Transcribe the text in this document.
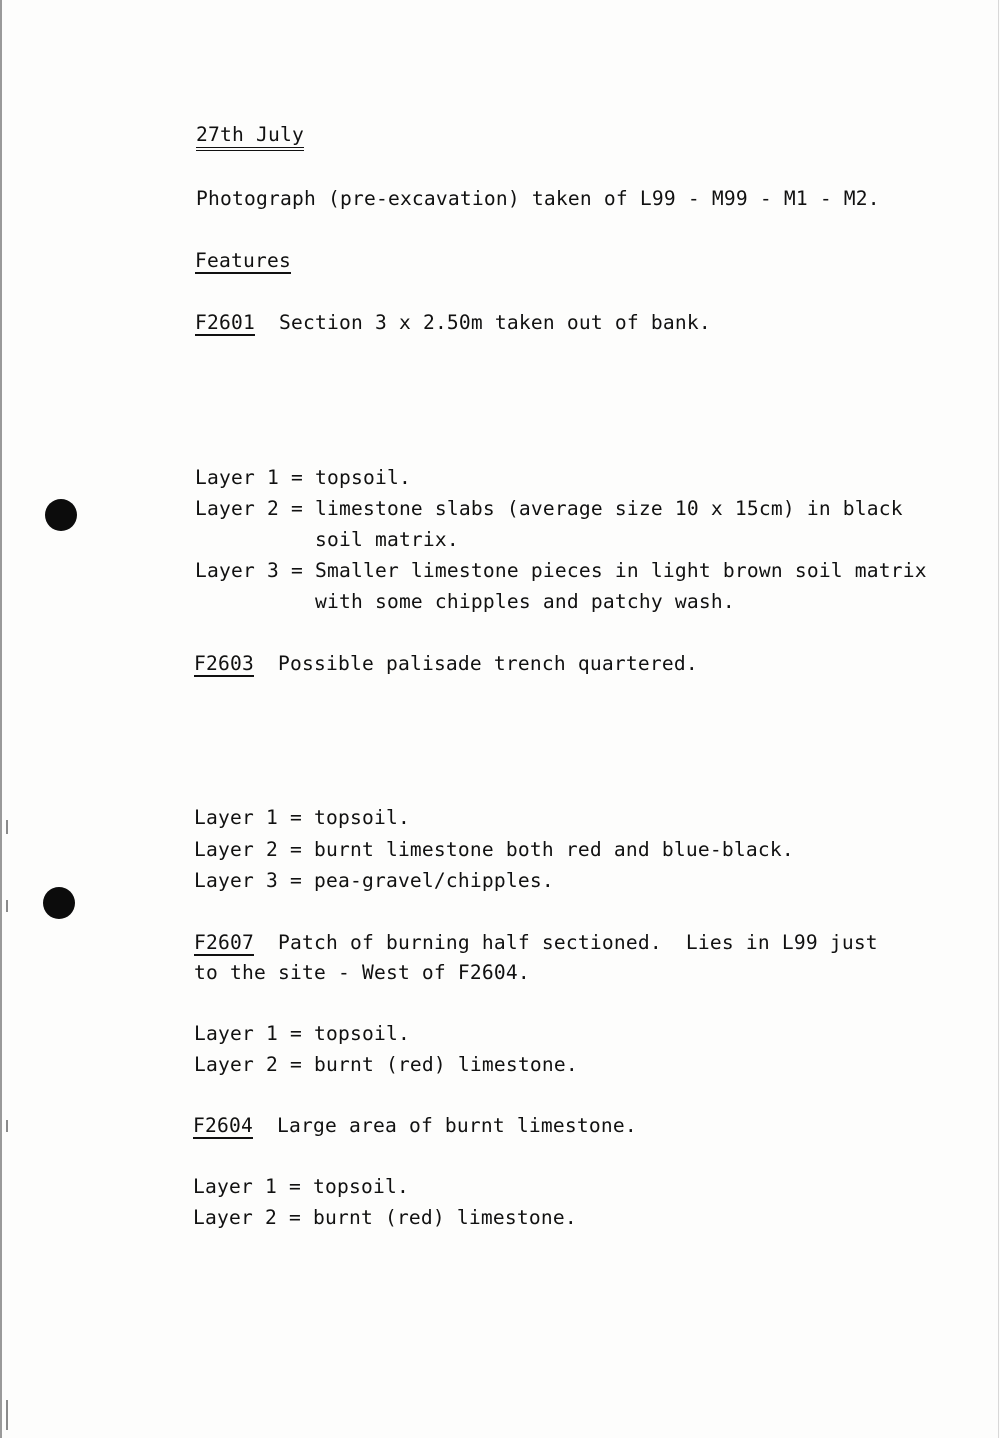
27th July
Photograph (pre-excavation) taken of L99 - M99 - M1 - M2.
Features
F2601 Section 3 x 2.50m taken out of bank.
Layer 1 = topsoil.
Layer 2 = limestone slabs (average size 10 x 15cm) in black
soil matrix.
Layer 3 = Smaller limestone pieces in light brown soil matrix
with some chipples and patchy wash.
F2603 Possible palisade trench quartered.
Layer 1 = topsoil.
Layer 2 = burnt limestone both red and blue-black.
Layer 3 = pea-gravel/chipples.
F2607 Patch of burning half sectioned.  Lies in L99 just
to the site - West of F2604.
Layer 1 = topsoil.
Layer 2 = burnt (red) limestone.
F2604 Large area of burnt limestone.
Layer 1 = topsoil.
Layer 2 = burnt (red) limestone.
